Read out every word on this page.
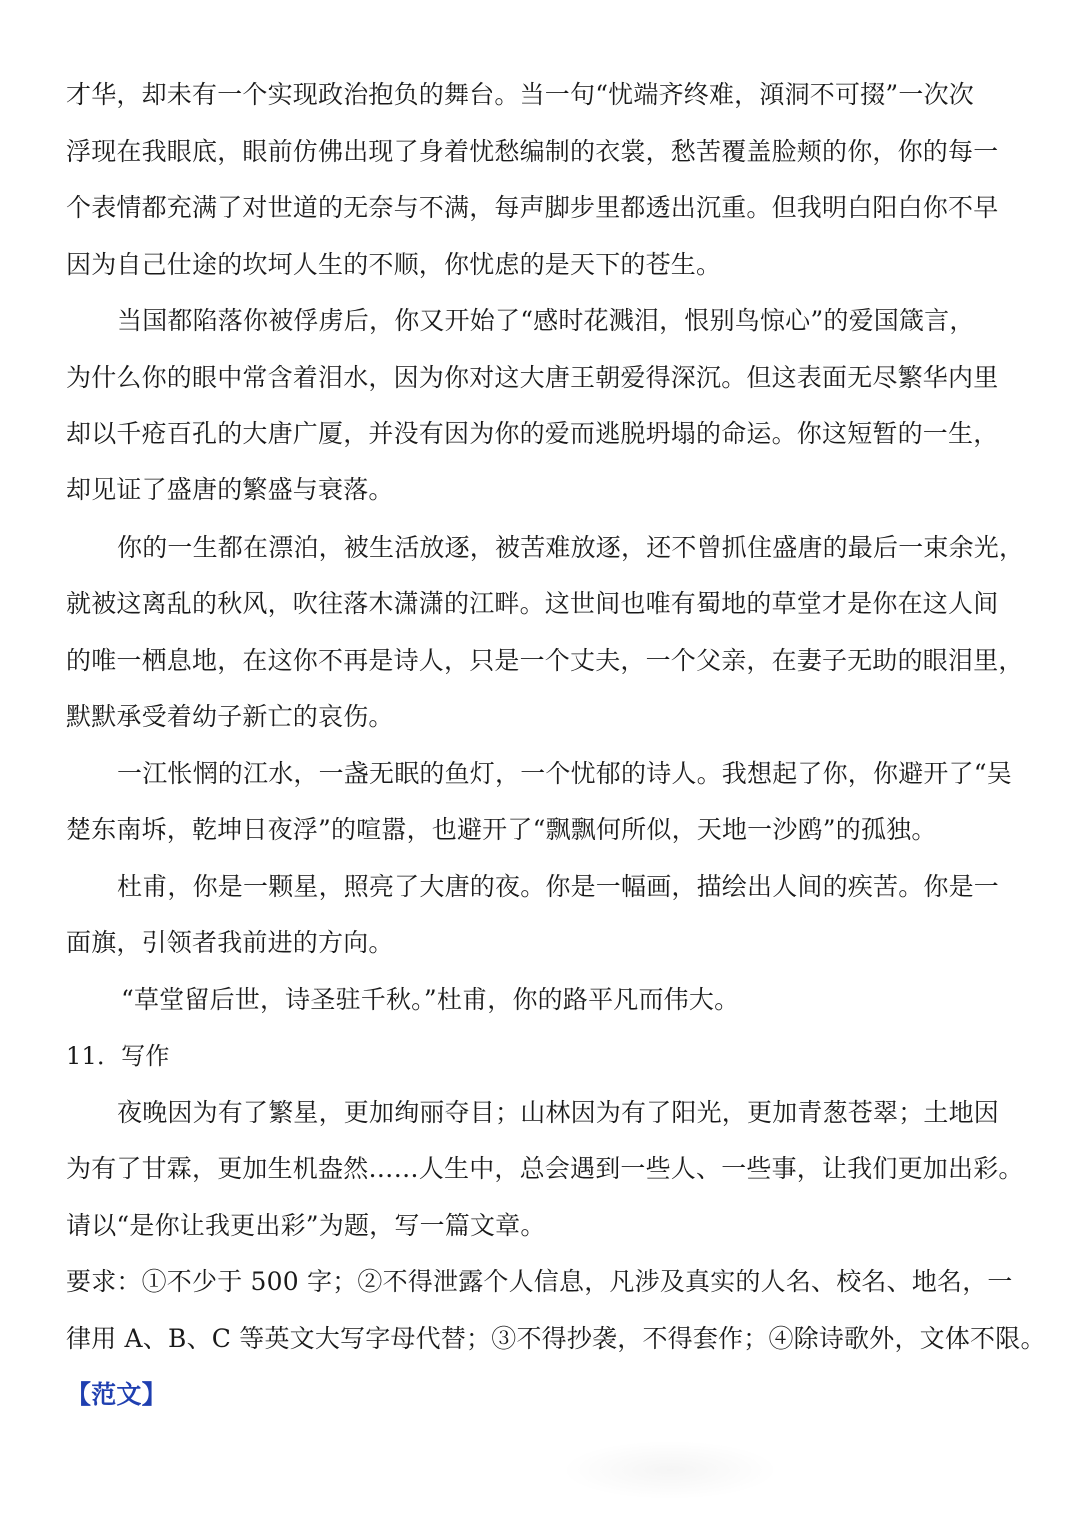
才华，却未有一个实现政治抱负的舞台。当一句“忧端齐终难，澒洞不可掇”一次次
浮现在我眼底，眼前仿佛出现了身着忧愁编制的衣裳，愁苦覆盖脸颊的你，你的每一
个表情都充满了对世道的无奈与不满，每声脚步里都透出沉重。但我明白阳白你不早
因为自己仕途的坎坷人生的不顺，你忧虑的是天下的苍生。
当国都陷落你被俘虏后，你又开始了“感时花溅泪，恨别鸟惊心”的爱国箴言，
为什么你的眼中常含着泪水，因为你对这大唐王朝爱得深沉。但这表面无尽繁华内里
却以千疮百孔的大唐广厦，并没有因为你的爱而逃脱坍塌的命运。你这短暂的一生，
却见证了盛唐的繁盛与衰落。
你的一生都在漂泊，被生活放逐，被苦难放逐，还不曾抓住盛唐的最后一束余光，
就被这离乱的秋风，吹往落木潇潇的江畔。这世间也唯有蜀地的草堂才是你在这人间
的唯一栖息地，在这你不再是诗人，只是一个丈夫，一个父亲，在妻子无助的眼泪里，
默默承受着幼子新亡的哀伤。
一江怅惘的江水，一盏无眠的鱼灯，一个忧郁的诗人。我想起了你，你避开了“吴
楚东南坼，乾坤日夜浮”的喧嚣，也避开了“飘飘何所似，天地一沙鸥”的孤独。
杜甫，你是一颗星，照亮了大唐的夜。你是一幅画，描绘出人间的疾苦。你是一
面旗，引领者我前进的方向。
“草堂留后世，诗圣驻千秋。”杜甫，你的路平凡而伟大。
11．写作
夜晚因为有了繁星，更加绚丽夺目；山林因为有了阳光，更加青葱苍翠；土地因
为有了甘霖，更加生机盎然……人生中，总会遇到一些人、一些事，让我们更加出彩。
请以“是你让我更出彩”为题，写一篇文章。
要求：①不少于 500 字；②不得泄露个人信息，凡涉及真实的人名、校名、地名，一
律用 A、B、C 等英文大写字母代替；③不得抄袭，不得套作；④除诗歌外，文体不限。
【范文】
